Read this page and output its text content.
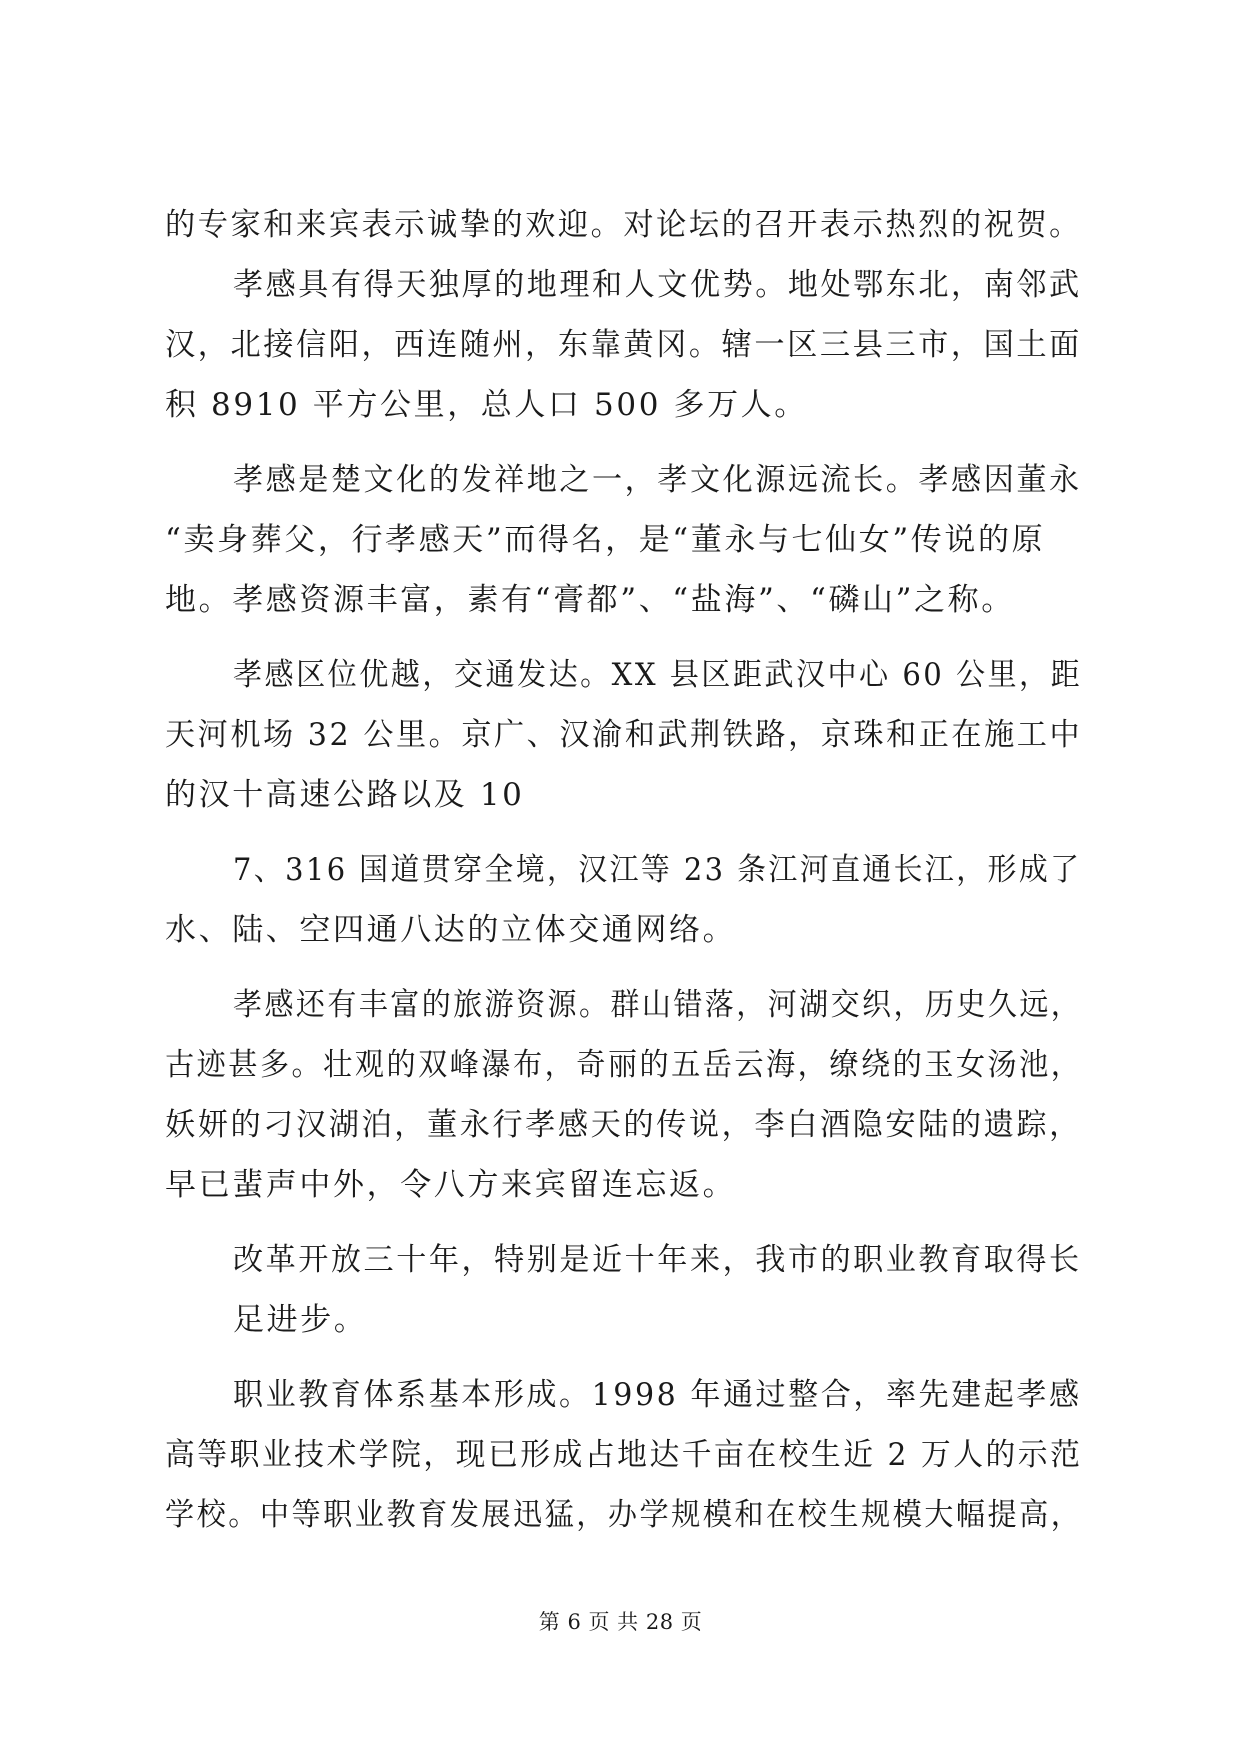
的专家和来宾表示诚挚的欢迎。对论坛的召开表示热烈的祝贺。
孝感具有得天独厚的地理和人文优势。地处鄂东北，南邻武
汉，北接信阳，西连随州，东靠黄冈。辖一区三县三市，国土面
积 8910 平方公里，总人口 500 多万人。
孝感是楚文化的发祥地之一，孝文化源远流长。孝感因董永
“卖身葬父，行孝感天”而得名，是“董永与七仙女”传说的原
地。孝感资源丰富，素有“膏都”、“盐海”、“磷山”之称。
孝感区位优越，交通发达。XX 县区距武汉中心 60 公里，距
天河机场 32 公里。京广、汉渝和武荆铁路，京珠和正在施工中
的汉十高速公路以及 10
7、316 国道贯穿全境，汉江等 23 条江河直通长江，形成了
水、陆、空四通八达的立体交通网络。
孝感还有丰富的旅游资源。群山错落，河湖交织，历史久远，
古迹甚多。壮观的双峰瀑布，奇丽的五岳云海，缭绕的玉女汤池，
妖妍的刁汉湖泊，董永行孝感天的传说，李白酒隐安陆的遗踪，
早已蜚声中外，令八方来宾留连忘返。
改革开放三十年，特别是近十年来，我市的职业教育取得长
足进步。
职业教育体系基本形成。1998 年通过整合，率先建起孝感
高等职业技术学院，现已形成占地达千亩在校生近 2 万人的示范
学校。中等职业教育发展迅猛，办学规模和在校生规模大幅提高，
第 6 页 共 28 页
